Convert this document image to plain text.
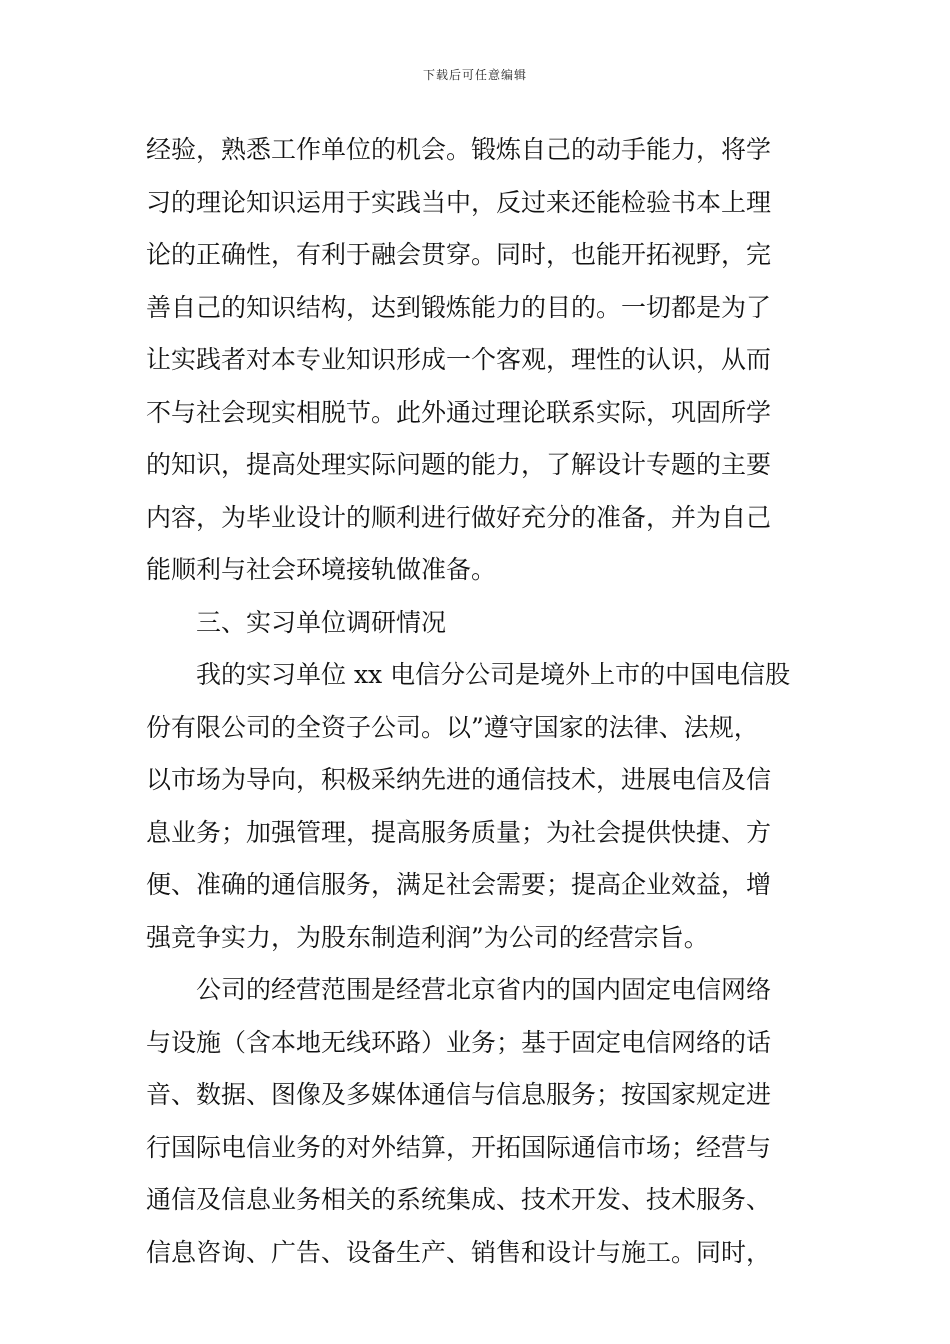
下载后可任意编辑
经验，熟悉工作单位的机会。锻炼自己的动手能力，将学
习的理论知识运用于实践当中，反过来还能检验书本上理
论的正确性，有利于融会贯穿。同时，也能开拓视野，完
善自己的知识结构，达到锻炼能力的目的。一切都是为了
让实践者对本专业知识形成一个客观，理性的认识，从而
不与社会现实相脱节。此外通过理论联系实际，巩固所学
的知识，提高处理实际问题的能力，了解设计专题的主要
内容，为毕业设计的顺利进行做好充分的准备，并为自己
能顺利与社会环境接轨做准备。
三、实习单位调研情况
我的实习单位 xx 电信分公司是境外上市的中国电信股
份有限公司的全资子公司。以”遵守国家的法律、法规，
以市场为导向，积极采纳先进的通信技术，进展电信及信
息业务；加强管理，提高服务质量；为社会提供快捷、方
便、准确的通信服务，满足社会需要；提高企业效益，增
强竞争实力，为股东制造利润”为公司的经营宗旨。
公司的经营范围是经营北京省内的国内固定电信网络
与设施（含本地无线环路）业务；基于固定电信网络的话
音、数据、图像及多媒体通信与信息服务；按国家规定进
行国际电信业务的对外结算，开拓国际通信市场；经营与
通信及信息业务相关的系统集成、技术开发、技术服务、
信息咨询、广告、设备生产、销售和设计与施工。同时，
